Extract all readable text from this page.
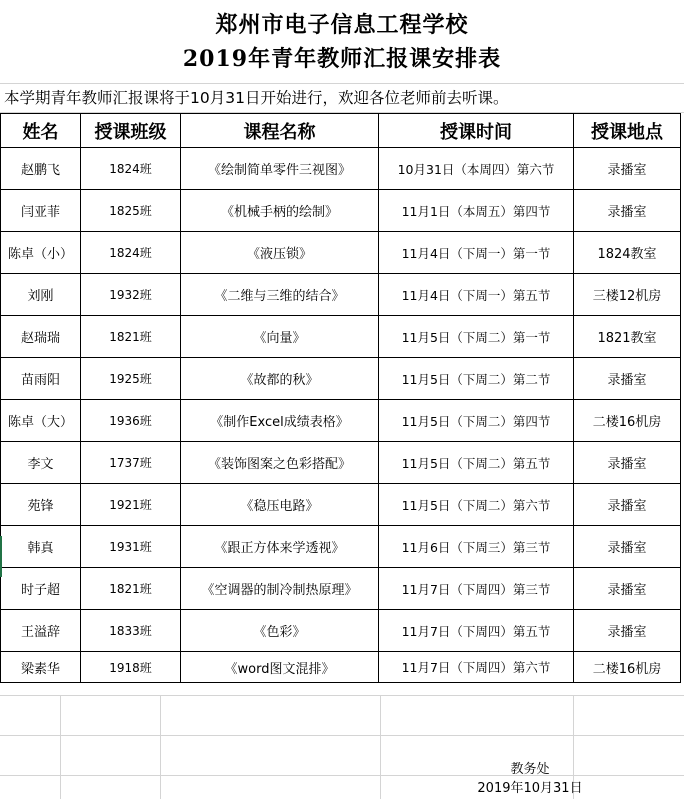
郑州市电子信息工程学校
2019年青年教师汇报课安排表
本学期青年教师汇报课将于10月31日开始进行，欢迎各位老师前去听课。
姓名	授课班级	课程名称	授课时间	授课地点
赵鹏飞	1824班	《绘制简单零件三视图》	10月31日（本周四）第六节	录播室
闫亚菲	1825班	《机械手柄的绘制》	11月1日（本周五）第四节	录播室
陈卓（小）	1824班	《液压锁》	11月4日（下周一）第一节	1824教室
刘刚	1932班	《二维与三维的结合》	11月4日（下周一）第五节	三楼12机房
赵瑞瑞	1821班	《向量》	11月5日（下周二）第一节	1821教室
苗雨阳	1925班	《故都的秋》	11月5日（下周二）第二节	录播室
陈卓（大）	1936班	《制作Excel成绩表格》	11月5日（下周二）第四节	二楼16机房
李文	1737班	《装饰图案之色彩搭配》	11月5日（下周二）第五节	录播室
苑锋	1921班	《稳压电路》	11月5日（下周二）第六节	录播室
韩真	1931班	《跟正方体来学透视》	11月6日（下周三）第三节	录播室
时子超	1821班	《空调器的制冷制热原理》	11月7日（下周四）第三节	录播室
王溢辞	1833班	《色彩》	11月7日（下周四）第五节	录播室
梁素华	1918班	《word图文混排》	11月7日（下周四）第六节	二楼16机房
教务处
2019年10月31日
